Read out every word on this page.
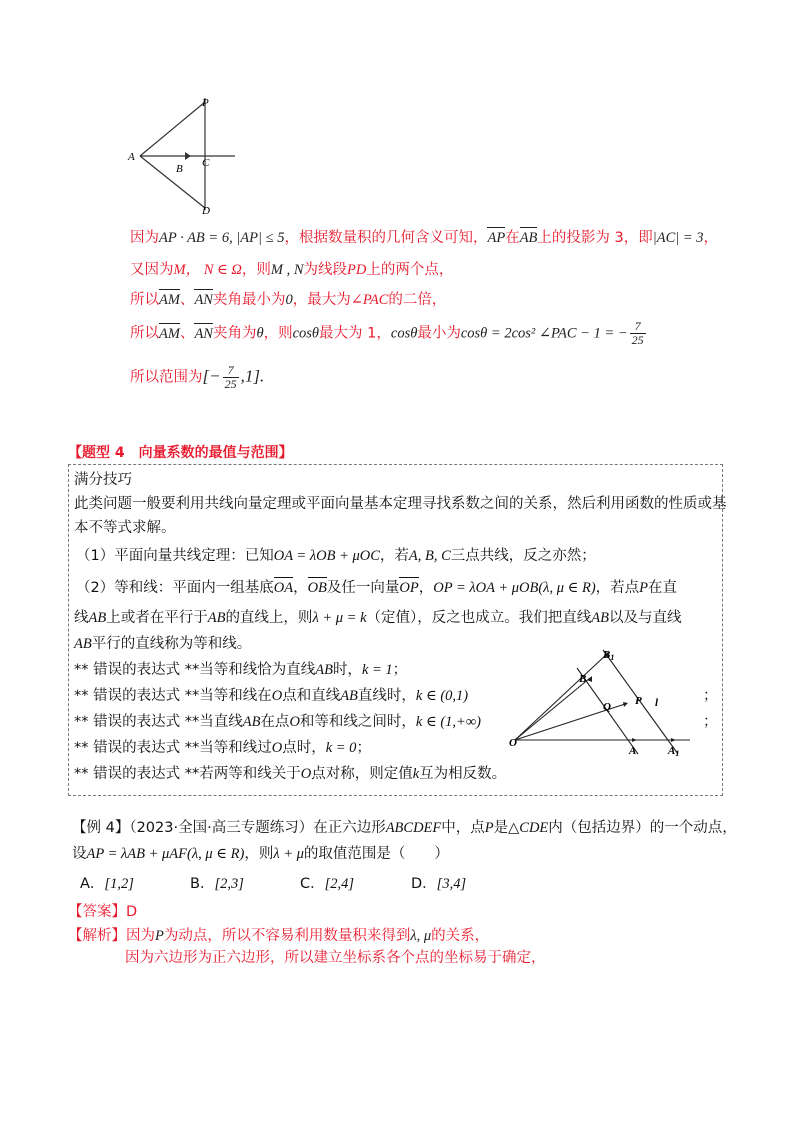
P
A
B C
D
因为AP · AB = 6, |AP| ≤ 5，根据数量积的几何含义可知，AP在AB上的投影为 3，即|AC| = 3，
又因为M， N ∈ Ω，则M , N为线段PD上的两个点，
所以AM、AN夹角最小为0，最大为∠PAC的二倍，
所以AM、AN夹角为θ，则cosθ最大为 1，cosθ最小为cosθ = 2cos² ∠PAC − 1 = − $\frac{7}{25}$
所以范围为[− $\frac{7}{25} ,1$].
【题型 4　向量系数的最值与范围】
满分技巧
此类问题一般要利用共线向量定理或平面向量基本定理寻找系数之间的关系，然后利用函数的性质或基
本不等式求解。
（1）平面向量共线定理：已知OA = λOB + μOC，若A, B, C三点共线，反之亦然；
（2）等和线：平面内一组基底OA，OB及任一向量OP，OP = λOA + μOB(λ, μ ∈ R)，若点P在直
线AB上或者在平行于AB的直线上，则λ + μ = k（定值），反之也成立。我们把直线AB以及与直线
AB平行的直线称为等和线。
** 错误的表达式 **当等和线恰为直线AB时，k = 1；
** 错误的表达式 **当等和线在O点和直线AB直线时，k ∈ (0,1)	；
** 错误的表达式 **当直线AB在点O和等和线之间时，k ∈ (1,+∞)	；
** 错误的表达式 **当等和线过O点时，k = 0；
** 错误的表达式 **若两等和线关于O点对称，则定值k互为相反数。
O
A	A1
B
B1
Q P l
【例 4】（2023·全国·高三专题练习）在正六边形ABCDEF中，点P是△CDE内（包括边界）的一个动点，
设AP = λAB + μAF(λ, μ ∈ R)，则λ + μ的取值范围是（　　）
A．[1,2]	B．[2,3]	C．[2,4]	D．[3,4]
【答案】D
【解析】因为P为动点，所以不容易利用数量积来得到λ, μ的关系，
因为六边形为正六边形，所以建立坐标系各个点的坐标易于确定，
